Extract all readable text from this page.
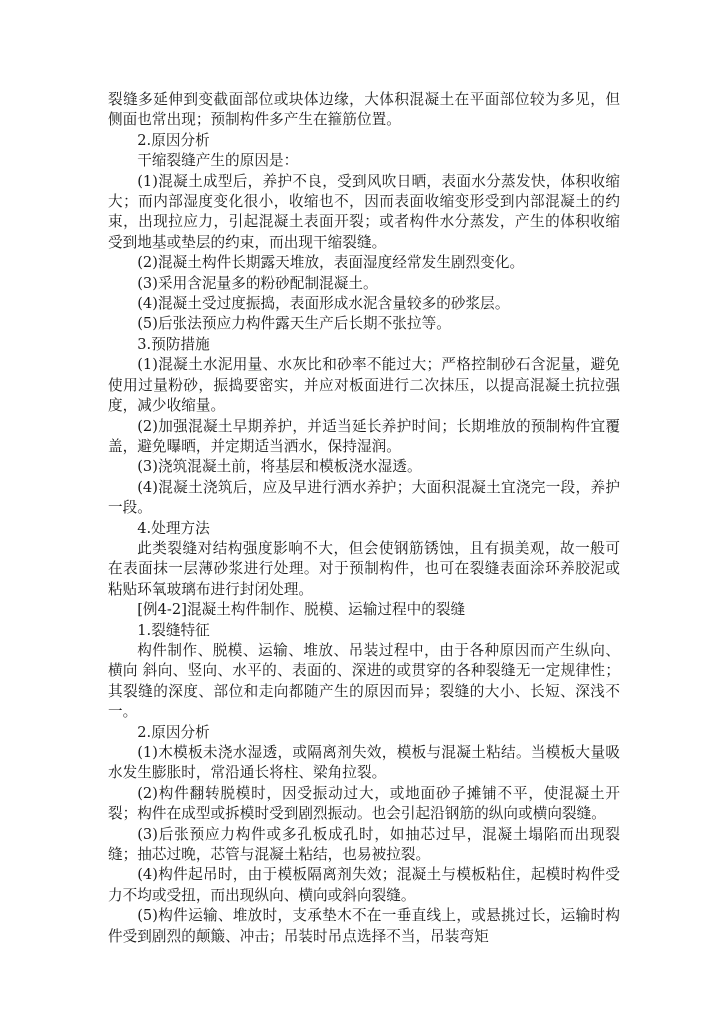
裂缝多延伸到变截面部位或块体边缘，大体积混凝土在平面部位较为多见，但侧面也常出现；预制构件多产生在箍筋位置。

2.原因分析

干缩裂缝产生的原因是：

(1)混凝土成型后，养护不良，受到风吹日晒，表面水分蒸发快，体积收缩大；而内部湿度变化很小，收缩也不，因而表面收缩变形受到内部混凝土的约束，出现拉应力，引起混凝土表面开裂；或者构件水分蒸发，产生的体积收缩受到地基或垫层的约束，而出现干缩裂缝。

(2)混凝土构件长期露天堆放，表面湿度经常发生剧烈变化。

(3)采用含泥量多的粉砂配制混凝土。

(4)混凝土受过度振捣，表面形成水泥含量较多的砂浆层。

(5)后张法预应力构件露天生产后长期不张拉等。

3.预防措施

(1)混凝土水泥用量、水灰比和砂率不能过大；严格控制砂石含泥量，避免使用过量粉砂，振捣要密实，并应对板面进行二次抹压，以提高混凝土抗拉强度，减少收缩量。

(2)加强混凝土早期养护，并适当延长养护时间；长期堆放的预制构件宜覆盖，避免曝晒，并定期适当洒水，保持湿润。

(3)浇筑混凝土前，将基层和模板浇水湿透。

(4)混凝土浇筑后，应及早进行洒水养护；大面积混凝土宜浇完一段，养护一段。

4.处理方法

此类裂缝对结构强度影响不大，但会使钢筋锈蚀，且有损美观，故一般可在表面抹一层薄砂浆进行处理。对于预制构件，也可在裂缝表面涂环养胶泥或粘贴环氧玻璃布进行封闭处理。

[例4-2]混凝土构件制作、脱模、运输过程中的裂缝

1.裂缝特征

构件制作、脱模、运输、堆放、吊装过程中，由于各种原因而产生纵向、横向 斜向、竖向、水平的、表面的、深进的或贯穿的各种裂缝无一定规律性；其裂缝的深度、部位和走向都随产生的原因而异；裂缝的大小、长短、深浅不一。

2.原因分析

(1)木模板未浇水湿透，或隔离剂失效，模板与混凝土粘结。当模板大量吸水发生膨胀时，常沿通长将柱、梁角拉裂。

(2)构件翻转脱模时，因受振动过大，或地面砂子摊铺不平，使混凝土开裂；构件在成型或拆模时受到剧烈振动。也会引起沿钢筋的纵向或横向裂缝。

(3)后张预应力构件或多孔板成孔时，如抽芯过早，混凝土塌陷而出现裂缝；抽芯过晚，芯管与混凝土粘结，也易被拉裂。

(4)构件起吊时，由于模板隔离剂失效；混凝土与模板粘住，起模时构件受力不均或受扭，而出现纵向、横向或斜向裂缝。

(5)构件运输、堆放时，支承垫木不在一垂直线上，或悬挑过长，运输时构件受到剧烈的颠簸、冲击；吊装时吊点选择不当，吊装弯矩
